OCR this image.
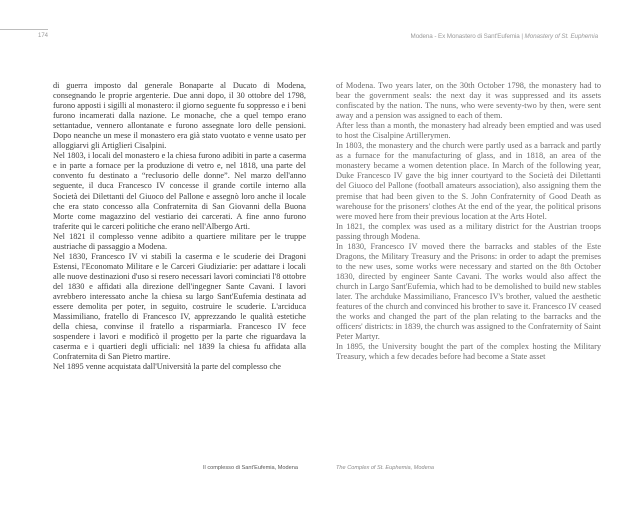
174	Modena - Ex Monastero di Sant'Eufemia | Monastery of St. Euphemia

di guerra imposto dal generale Bonaparte al Ducato di Modena, consegnando le proprie argenterie. Due anni dopo, il 30 ottobre del 1798, furono apposti i sigilli al monastero: il giorno seguente fu soppresso e i beni furono incamerati dalla nazione. Le monache, che a quel tempo erano settantadue, vennero allontanate e furono assegnate loro delle pensioni. Dopo neanche un mese il monastero era già stato vuotato e venne usato per alloggiarvi gli Artiglieri Cisalpini.

Nel 1803, i locali del monastero e la chiesa furono adibiti in parte a caserma e in parte a fornace per la produzione di vetro e, nel 1818, una parte del convento fu destinato a “reclusorio delle donne”. Nel marzo dell'anno seguente, il duca Francesco IV concesse il grande cortile interno alla Società dei Dilettanti del Giuoco del Pallone e assegnò loro anche il locale che era stato concesso alla Confraternita di San Giovanni della Buona Morte come magazzino del vestiario dei carcerati. A fine anno furono traferite qui le carceri politiche che erano nell'Albergo Arti.

Nel 1821 il complesso venne adibito a quartiere militare per le truppe austriache di passaggio a Modena.

Nel 1830, Francesco IV vi stabilì la caserma e le scuderie dei Dragoni Estensi, l'Economato Militare e le Carceri Giudiziarie: per adattare i locali alle nuove destinazioni d'uso si resero necessari lavori cominciati l'8 ottobre del 1830 e affidati alla direzione dell'ingegner Sante Cavani. I lavori avrebbero interessato anche la chiesa su largo Sant'Eufemia destinata ad essere demolita per poter, in seguito, costruire le scuderie. L'arciduca Massimiliano, fratello di Francesco IV, apprezzando le qualità estetiche della chiesa, convinse il fratello a risparmiarla. Francesco IV fece sospendere i lavori e modificò il progetto per la parte che riguardava la caserma e i quartieri degli ufficiali: nel 1839 la chiesa fu affidata alla Confraternita di San Pietro martire.

Nel 1895 venne acquistata dall'Università la parte del complesso che

of Modena. Two years later, on the 30th October 1798, the monastery had to bear the government seals: the next day it was suppressed and its assets confiscated by the nation. The nuns, who were seventy-two by then, were sent away and a pension was assigned to each of them.

After less than a month, the monastery had already been emptied and was used to host the Cisalpine Artillerymen.

In 1803, the monastery and the church were partly used as a barrack and partly as a furnace for the manufacturing of glass, and in 1818, an area of the monastery became a women detention place. In March of the following year, Duke Francesco IV gave the big inner courtyard to the Società dei Dilettanti del Giuoco del Pallone (football amateurs association), also assigning them the premise that had been given to the S. John Confraternity of Good Death as warehouse for the prisoners' clothes At the end of the year, the political prisons were moved here from their previous location at the Arts Hotel.

In 1821, the complex was used as a military district for the Austrian troops passing through Modena.

In 1830, Francesco IV moved there the barracks and stables of the Este Dragons, the Military Treasury and the Prisons: in order to adapt the premises to the new uses, some works were necessary and started on the 8th October 1830, directed by engineer Sante Cavani. The works would also affect the church in Largo Sant'Eufemia, which had to be demolished to build new stables later. The archduke Massimiliano, Francesco IV's brother, valued the aesthetic features of the church and convinced his brother to save it. Francesco IV ceased the works and changed the part of the plan relating to the barracks and the officers' districts: in 1839, the church was assigned to the Confraternity of Saint Peter Martyr.

In 1895, the University bought the part of the complex hosting the Military Treasury, which a few decades before had become a State asset

Il complesso di Sant'Eufemia, Modena	The Complex of St. Euphemia, Modena
